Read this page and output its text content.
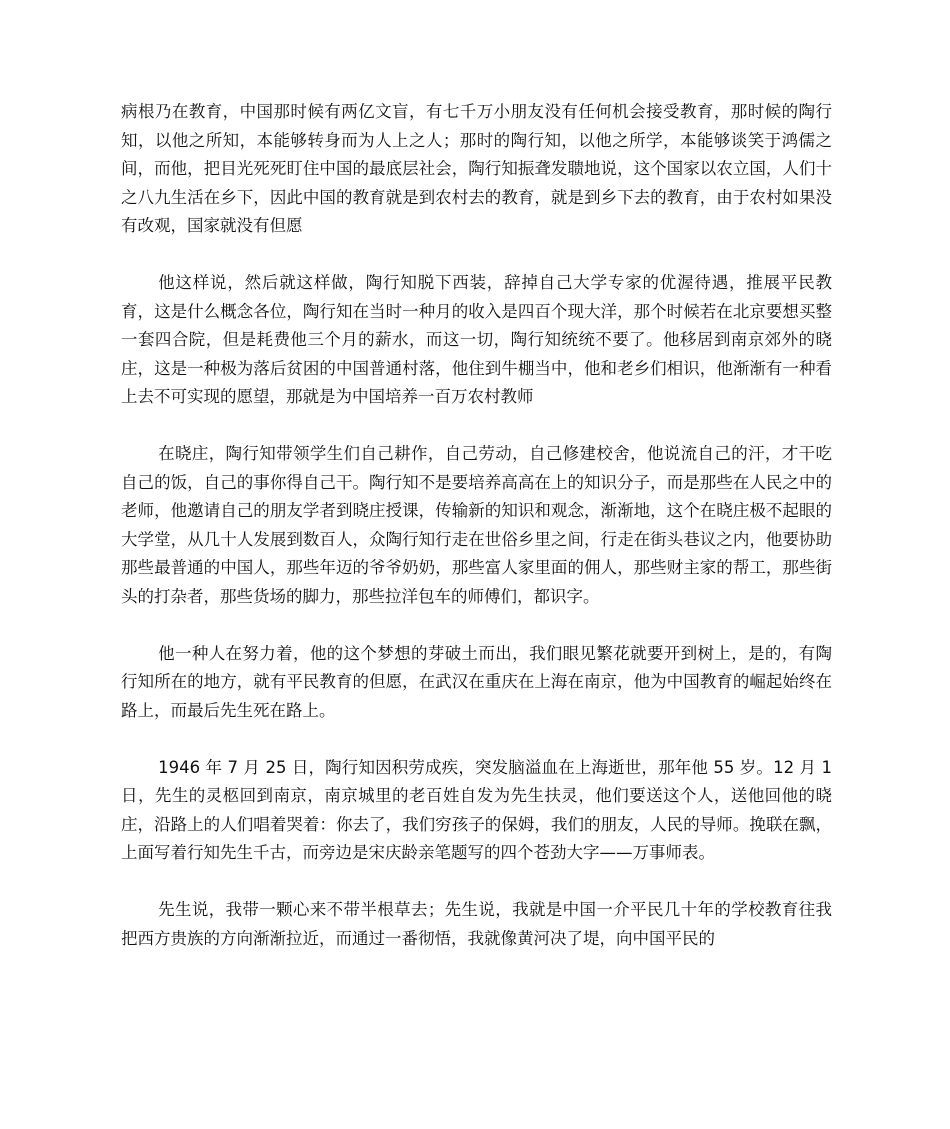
病根乃在教育，中国那时候有两亿文盲，有七千万小朋友没有任何机会接受教育，那时候的陶行知，以他之所知，本能够转身而为人上之人；那时的陶行知，以他之所学，本能够谈笑于鸿儒之间，而他，把目光死死盯住中国的最底层社会，陶行知振聋发聩地说，这个国家以农立国，人们十之八九生活在乡下，因此中国的教育就是到农村去的教育，就是到乡下去的教育，由于农村如果没有改观，国家就没有但愿

他这样说，然后就这样做，陶行知脱下西装，辞掉自己大学专家的优渥待遇，推展平民教育，这是什么概念各位，陶行知在当时一种月的收入是四百个现大洋，那个时候若在北京要想买整一套四合院，但是耗费他三个月的薪水，而这一切，陶行知统统不要了。他移居到南京郊外的晓庄，这是一种极为落后贫困的中国普通村落，他住到牛棚当中，他和老乡们相识，他渐渐有一种看上去不可实现的愿望，那就是为中国培养一百万农村教师

在晓庄，陶行知带领学生们自己耕作，自己劳动，自己修建校舍，他说流自己的汗，才干吃自己的饭，自己的事你得自己干。陶行知不是要培养高高在上的知识分子，而是那些在人民之中的老师，他邀请自己的朋友学者到晓庄授课，传输新的知识和观念，渐渐地，这个在晓庄极不起眼的大学堂，从几十人发展到数百人，众陶行知行走在世俗乡里之间，行走在街头巷议之内，他要协助那些最普通的中国人，那些年迈的爷爷奶奶，那些富人家里面的佣人，那些财主家的帮工，那些街头的打杂者，那些货场的脚力，那些拉洋包车的师傅们，都识字。

他一种人在努力着，他的这个梦想的芽破土而出，我们眼见繁花就要开到树上，是的，有陶行知所在的地方，就有平民教育的但愿，在武汉在重庆在上海在南京，他为中国教育的崛起始终在路上，而最后先生死在路上。

1946 年 7 月 25 日，陶行知因积劳成疾，突发脑溢血在上海逝世，那年他 55 岁。12 月 1 日，先生的灵柩回到南京，南京城里的老百姓自发为先生扶灵，他们要送这个人，送他回他的晓庄，沿路上的人们唱着哭着：你去了，我们穷孩子的保姆，我们的朋友，人民的导师。挽联在飘，上面写着行知先生千古，而旁边是宋庆龄亲笔题写的四个苍劲大字——万事师表。

先生说，我带一颗心来不带半根草去；先生说，我就是中国一介平民几十年的学校教育往我把西方贵族的方向渐渐拉近，而通过一番彻悟，我就像黄河决了堤，向中国平民的
